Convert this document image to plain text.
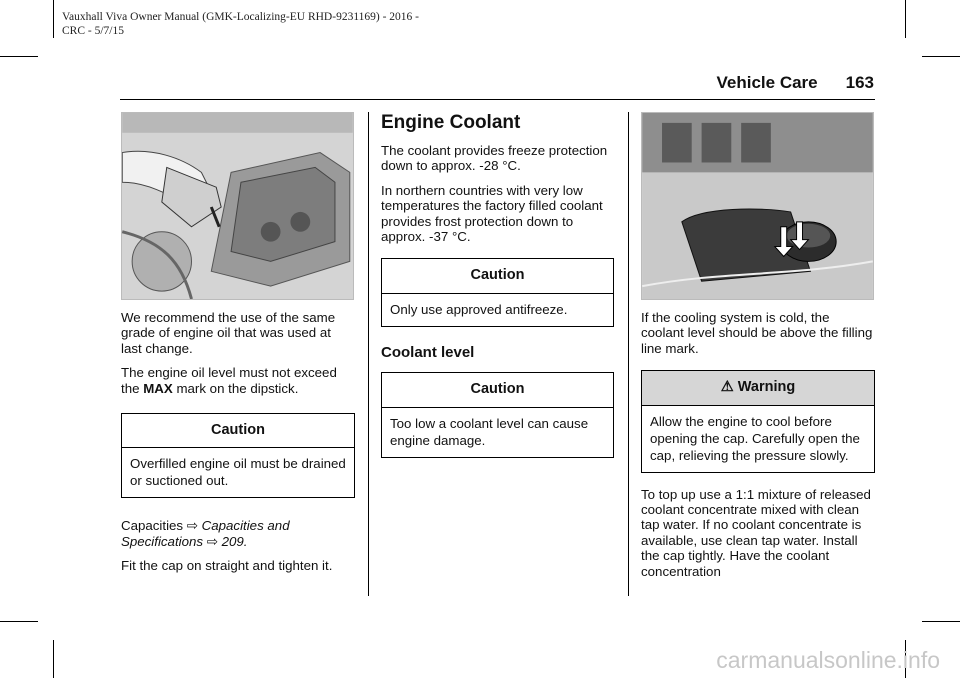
Vauxhall Viva Owner Manual (GMK-Localizing-EU RHD-9231169) - 2016 -
CRC - 5/7/15
Vehicle Care 163

We recommend the use of the same grade of engine oil that was used at last change.

The engine oil level must not exceed the MAX mark on the dipstick.

Caution
Overfilled engine oil must be drained or suctioned out.

Capacities ⇨ Capacities and Specifications ⇨ 209.

Fit the cap on straight and tighten it.

Engine Coolant

The coolant provides freeze protection down to approx. -28 °C.

In northern countries with very low temperatures the factory filled coolant provides frost protection down to approx. -37 °C.

Caution
Only use approved antifreeze.
Coolant level
Caution
Too low a coolant level can cause engine damage.

If the cooling system is cold, the coolant level should be above the filling line mark.

⚠ Warning
Allow the engine to cool before opening the cap. Carefully open the cap, relieving the pressure slowly.

To top up use a 1:1 mixture of released coolant concentrate mixed with clean tap water. If no coolant concentrate is available, use clean tap water. Install the cap tightly. Have the coolant concentration

carmanualsonline.info
